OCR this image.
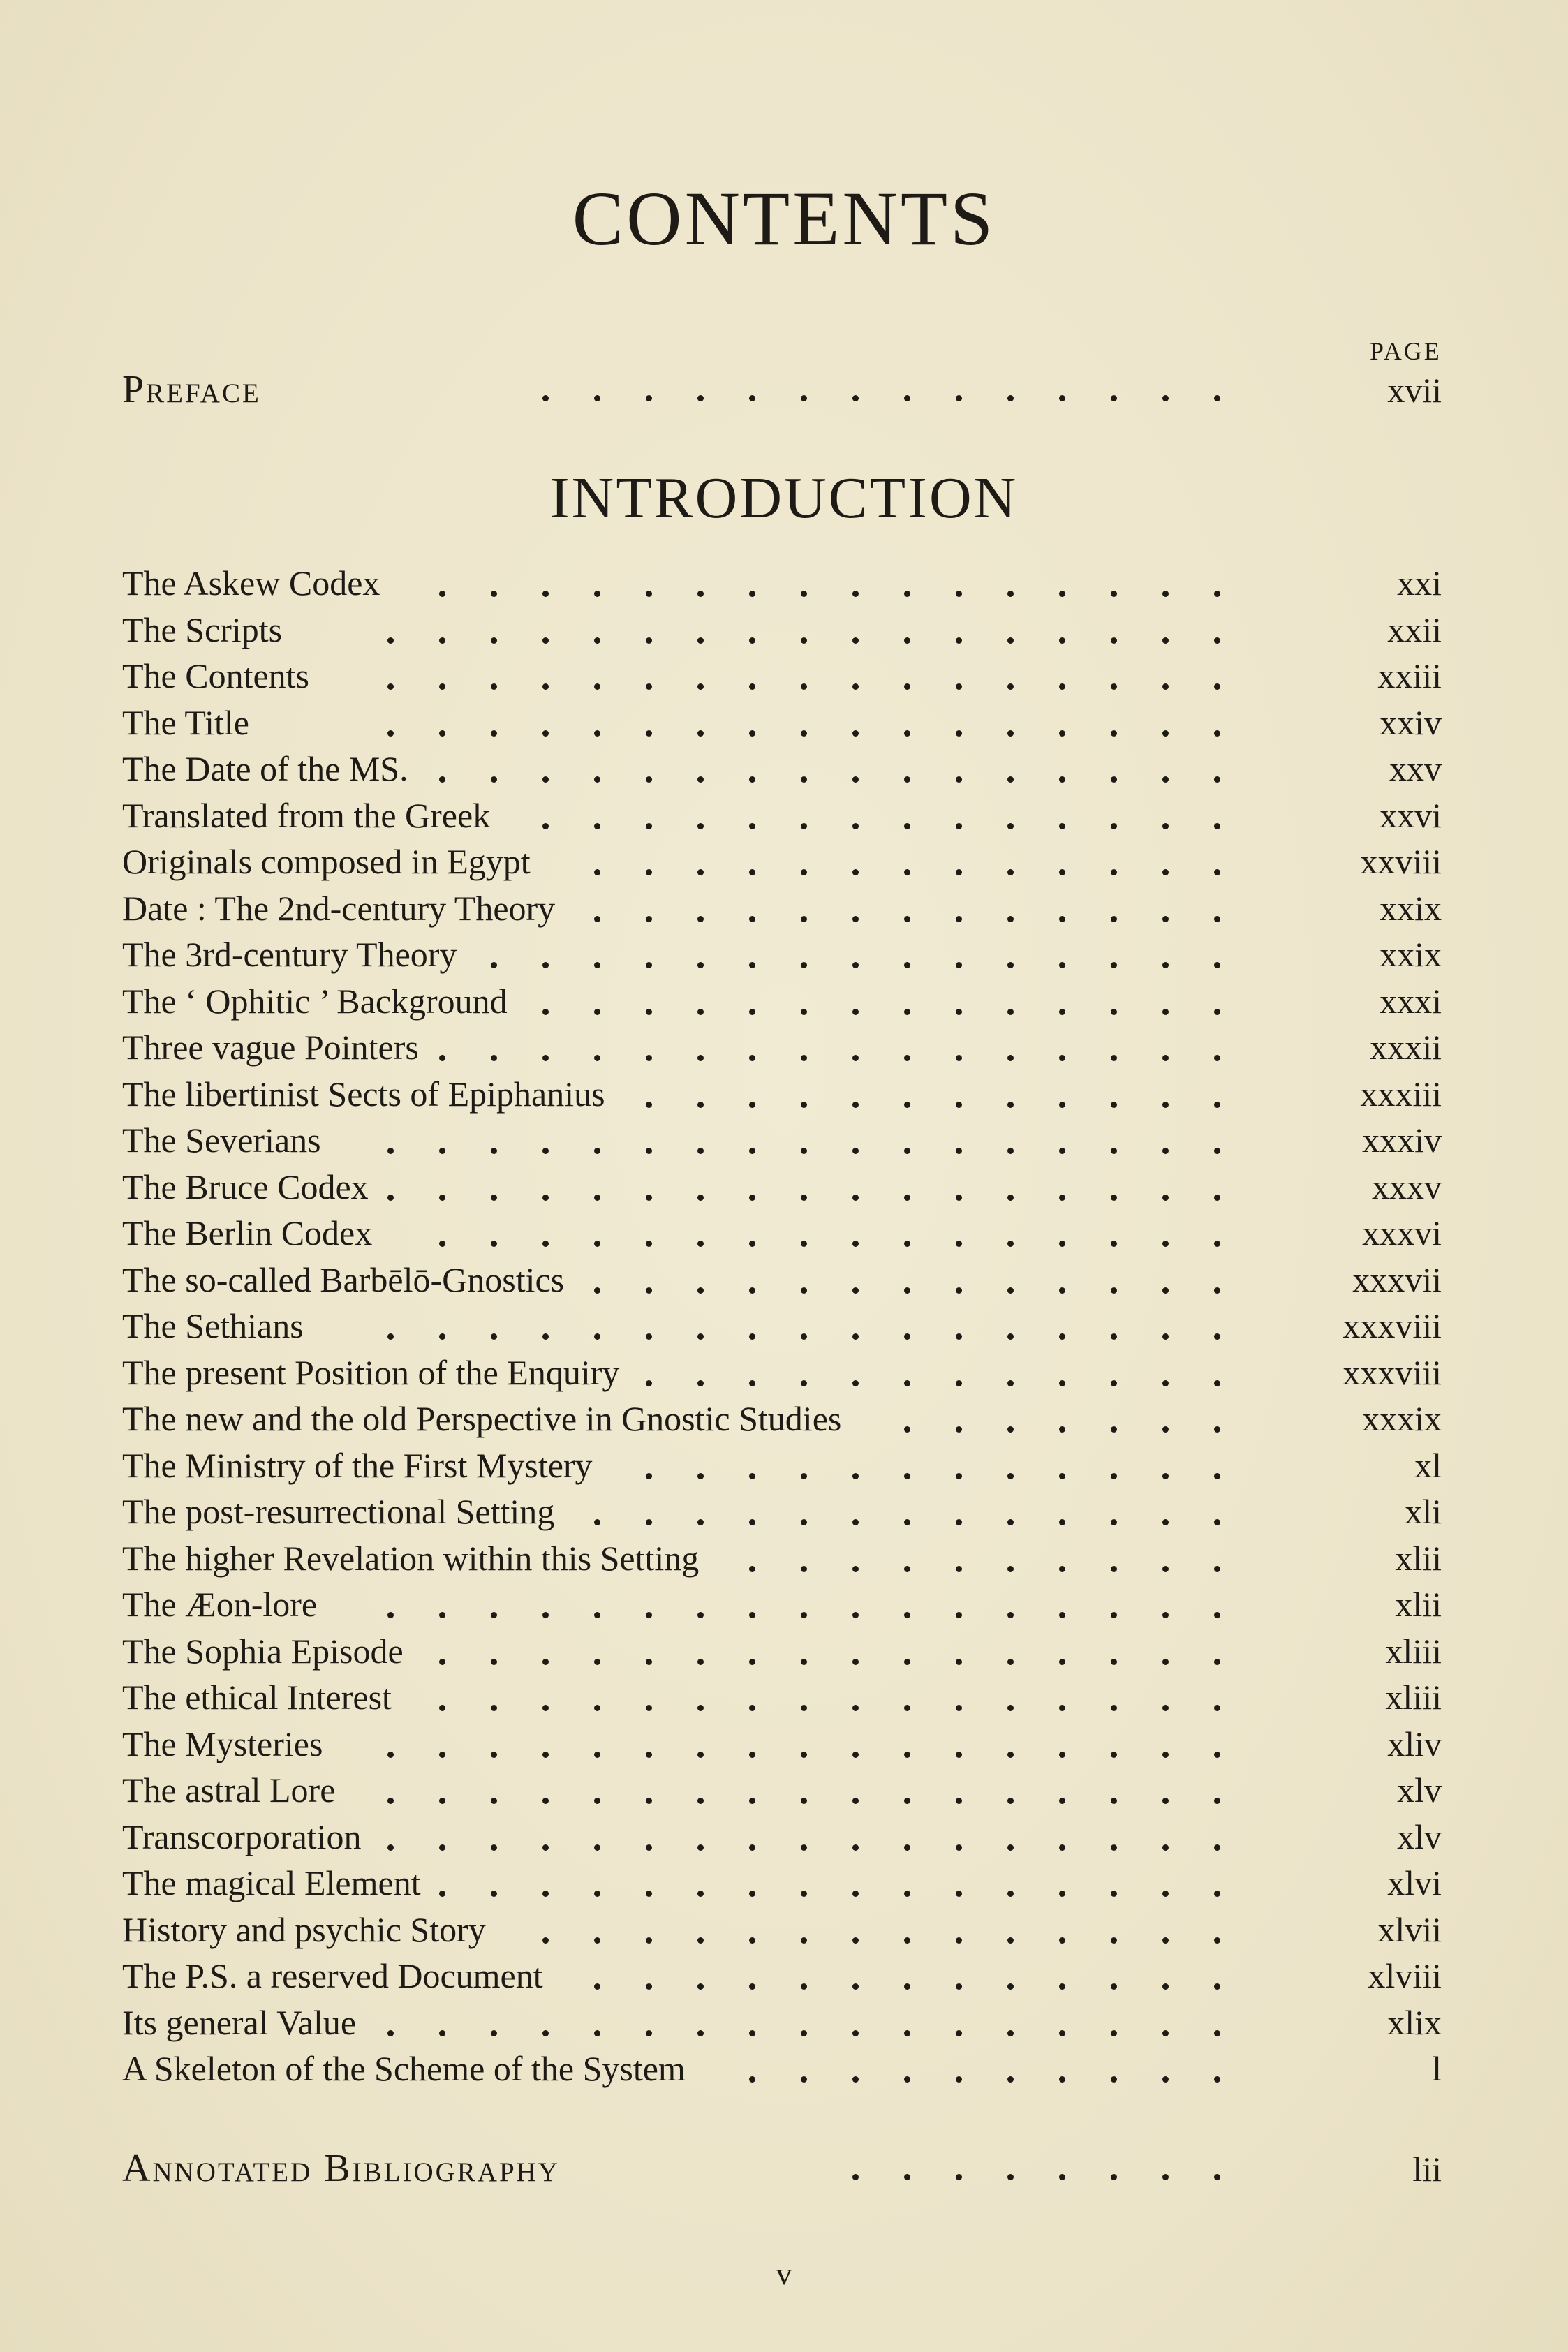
CONTENTS
PAGE
Preface	xvii
INTRODUCTION
The Askew Codex	xxi
The Scripts	xxii
The Contents	xxiii
The Title	xxiv
The Date of the MS.	xxv
Translated from the Greek	xxvi
Originals composed in Egypt	xxviii
Date : The 2nd-century Theory	xxix
The 3rd-century Theory	xxix
The ‘ Ophitic ’ Background	xxxi
Three vague Pointers	xxxii
The libertinist Sects of Epiphanius	xxxiii
The Severians	xxxiv
The Bruce Codex	xxxv
The Berlin Codex	xxxvi
The so-called Barbēlō-Gnostics	xxxvii
The Sethians	xxxviii
The present Position of the Enquiry	xxxviii
The new and the old Perspective in Gnostic Studies	xxxix
The Ministry of the First Mystery	xl
The post-resurrectional Setting	xli
The higher Revelation within this Setting	xlii
The Æon-lore	xlii
The Sophia Episode	xliii
The ethical Interest	xliii
The Mysteries	xliv
The astral Lore	xlv
Transcorporation	xlv
The magical Element	xlvi
History and psychic Story	xlvii
The P.S. a reserved Document	xlviii
Its general Value	xlix
A Skeleton of the Scheme of the System	l
Annotated Bibliography	lii
v
